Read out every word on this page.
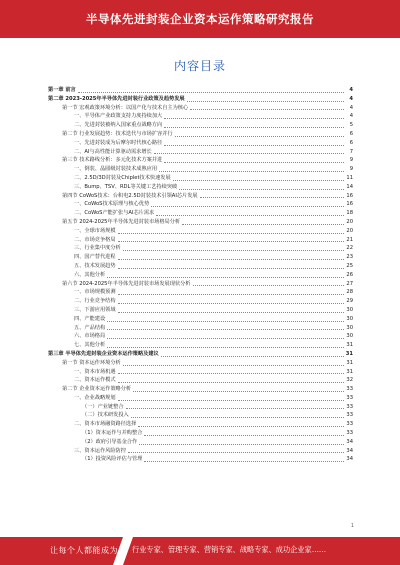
半导体先进封装企业资本运作策略研究报告
内容目录
第一章 前言	4
第二章 2023-2025年半导体先进封装行业政策及趋势发展	4
第一节 宏观政策环境分析：以国产化与技术自主为核心	4
一、半导体产业政策支持力度持续加大	4
二、先进封装被纳入国家重点战略方向	5
第二节 行业发展趋势：技术迭代与市场扩容并行	6
一、先进封装成为后摩尔时代核心路径	6
二、AI与高性能计算驱动需求增长	7
第三节 技术路线分析：多元化技术方案并进	9
一、倒装、晶圆级封装技术成熟应用	9
二、2.5D/3D封装及Chiplet技术快速发展	11
三、Bump、TSV、RDL等关键工艺持续突破	14
第四节 CoWoS技术：台积电2.5D封装技术引领AI芯片发展	16
一、CoWoS技术原理与核心优势	16
二、CoWoS产能扩张与AI芯片需求	18
第五节 2024-2025年半导体先进封装市场格局分析	20
一、全球市场规模	20
二、市场竞争格局	21
三、行业集中度分析	22
四、国产替代进程	23
五、技术发展趋势	25
六、其他分析	26
第六节 2024-2025年半导体先进封装市场发展现状分析	27
一、市场规模预测	28
二、行业竞争结构	29
三、下游应用领域	30
四、产能建设	30
五、产品结构	30
六、市场格局	30
七、其他分析	31
第三章 半导体先进封装企业资本运作策略及建议	31
第一节 资本运作环境分析	31
一、资本市场机遇	31
二、资本运作模式	32
第二节 企业资本运作策略分析	33
一、企业战略规划	33
（一）产业链整合	33
（二）技术研发投入	33
二、资本市场融资路径选择	33
（1）资本运作与并购整合	33
（2）政府引导基金合作	34
三、资本运作风险防控	34
（1）投资风险评估与管理	34
1
让每个人都能成为 行业专家、管理专家、营销专家、战略专家、成功企业家……
